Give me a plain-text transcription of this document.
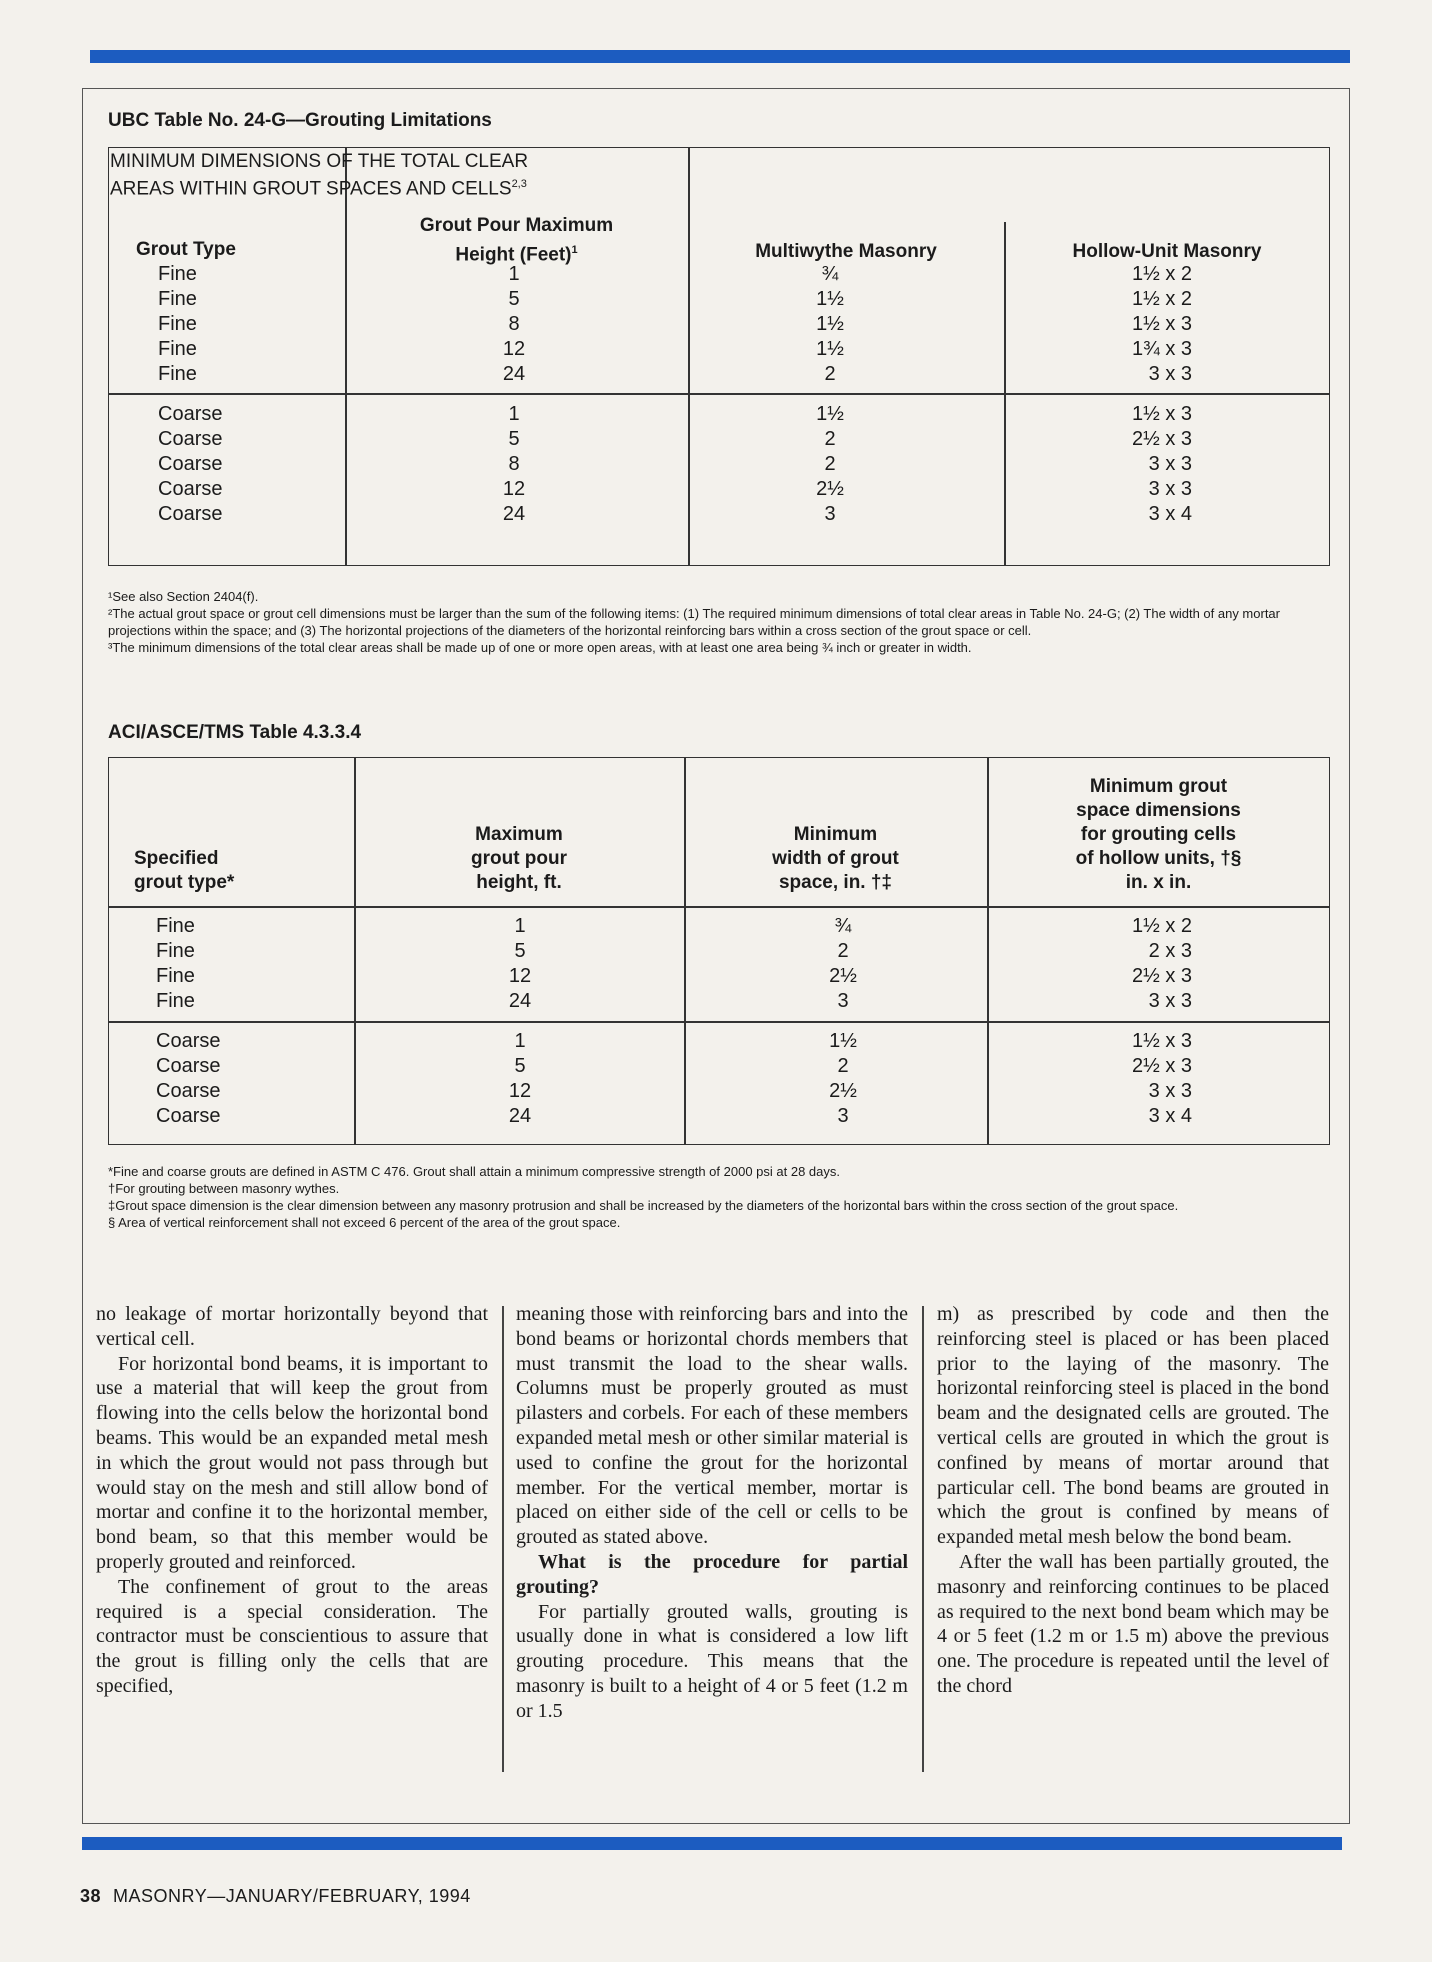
UBC Table No. 24-G—Grouting Limitations
MINIMUM DIMENSIONS OF THE TOTAL CLEAR
AREAS WITHIN GROUT SPACES AND CELLS$^{2,3}$
Grout Type
Grout Pour Maximum
Height (Feet)$^1$	Multiwythe Masonry	Hollow-Unit Masonry
Fine
Fine
Fine
Fine
Fine
1
5
8
12
24
¾
1½
1½
1½
2
1½ x 2
1½ x 2
1½ x 3
1¾ x 3
3 x 3
Coarse
Coarse
Coarse
Coarse
Coarse
1
5
8
12
24
1½
2
2
2½
3
1½ x 3
2½ x 3
3 x 3
3 x 3
3 x 4

¹See also Section 2404(f).

²The actual grout space or grout cell dimensions must be larger than the sum of the following items: (1) The required minimum dimensions of total clear areas in Table No. 24-G; (2) The width of any mortar projections within the space; and (3) The horizontal projections of the diameters of the horizontal reinforcing bars within a cross section of the grout space or cell.

³The minimum dimensions of the total clear areas shall be made up of one or more open areas, with at least one area being ¾ inch or greater in width.

ACI/ASCE/TMS Table 4.3.3.4
Specified
grout type*
Maximum
grout pour
height, ft.
Minimum
width of grout
space, in. †‡
Minimum grout
space dimensions
for grouting cells
of hollow units, †§
in. x in.
Fine
Fine
Fine
Fine
1
5
12
24
¾
2
2½
3
1½ x 2
2 x 3
2½ x 3
3 x 3
Coarse
Coarse
Coarse
Coarse
1
5
12
24
1½
2
2½
3
1½ x 3
2½ x 3
3 x 3
3 x 4

*Fine and coarse grouts are defined in ASTM C 476. Grout shall attain a minimum compressive strength of 2000 psi at 28 days.

†For grouting between masonry wythes.

‡Grout space dimension is the clear dimension between any masonry protrusion and shall be increased by the diameters of the horizontal bars within the cross section of the grout space.

§ Area of vertical reinforcement shall not exceed 6 percent of the area of the grout space.

no leakage of mortar horizontally beyond that vertical cell.

For horizontal bond beams, it is important to use a material that will keep the grout from flowing into the cells below the horizontal bond beams. This would be an expanded metal mesh in which the grout would not pass through but would stay on the mesh and still allow bond of mortar and confine it to the horizontal member, bond beam, so that this member would be properly grouted and reinforced.

The confinement of grout to the areas required is a special consideration. The contractor must be conscientious to assure that the grout is filling only the cells that are specified,

meaning those with reinforcing bars and into the bond beams or horizontal chords members that must transmit the load to the shear walls. Columns must be properly grouted as must pilasters and corbels. For each of these members expanded metal mesh or other similar material is used to confine the grout for the horizontal member. For the vertical member, mortar is placed on either side of the cell or cells to be grouted as stated above.

What is the procedure for partial grouting?

For partially grouted walls, grouting is usually done in what is considered a low lift grouting procedure. This means that the masonry is built to a height of 4 or 5 feet (1.2 m or 1.5

m) as prescribed by code and then the reinforcing steel is placed or has been placed prior to the laying of the masonry. The horizontal reinforcing steel is placed in the bond beam and the designated cells are grouted. The vertical cells are grouted in which the grout is confined by means of mortar around that particular cell. The bond beams are grouted in which the grout is confined by means of expanded metal mesh below the bond beam.

After the wall has been partially grouted, the masonry and reinforcing continues to be placed as required to the next bond beam which may be 4 or 5 feet (1.2 m or 1.5 m) above the previous one. The procedure is repeated until the level of the chord

38 MASONRY—JANUARY/FEBRUARY, 1994
